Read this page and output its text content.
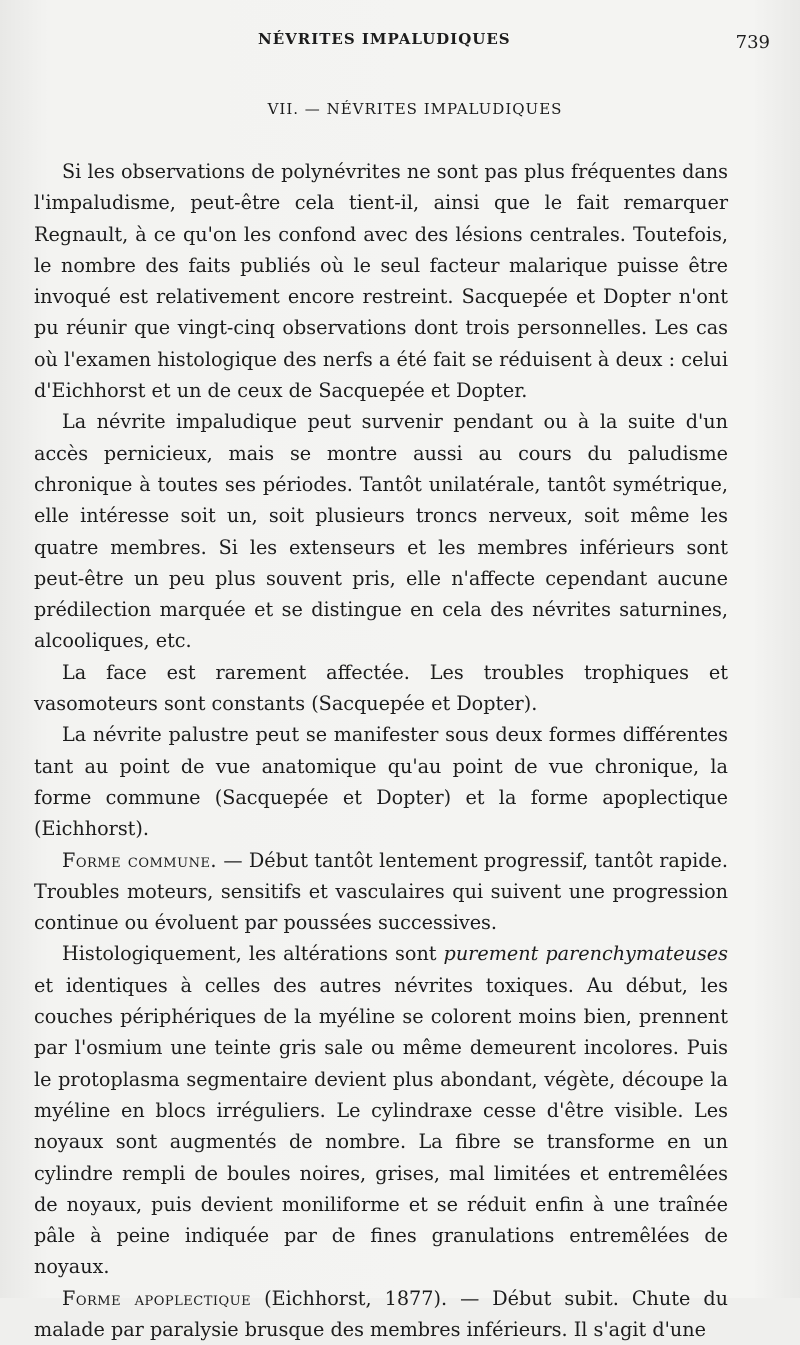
NÉVRITES IMPALUDIQUES	739
VII. — NÉVRITES IMPALUDIQUES

Si les observations de polynévrites ne sont pas plus fréquentes dans l'impaludisme, peut-être cela tient-il, ainsi que le fait remarquer Regnault, à ce qu'on les confond avec des lésions centrales. Toutefois, le nombre des faits publiés où le seul facteur malarique puisse être invoqué est relativement encore restreint. Sacquepée et Dopter n'ont pu réunir que vingt-cinq observations dont trois personnelles. Les cas où l'examen histologique des nerfs a été fait se réduisent à deux : celui d'Eichhorst et un de ceux de Sacquepée et Dopter.

La névrite impaludique peut survenir pendant ou à la suite d'un accès pernicieux, mais se montre aussi au cours du paludisme chronique à toutes ses périodes. Tantôt unilatérale, tantôt symétrique, elle intéresse soit un, soit plusieurs troncs nerveux, soit même les quatre membres. Si les extenseurs et les membres inférieurs sont peut-être un peu plus souvent pris, elle n'affecte cependant aucune prédilection marquée et se distingue en cela des névrites saturnines, alcooliques, etc.

La face est rarement affectée. Les troubles trophiques et vasomoteurs sont constants (Sacquepée et Dopter).

La névrite palustre peut se manifester sous deux formes différentes tant au point de vue anatomique qu'au point de vue chronique, la forme commune (Sacquepée et Dopter) et la forme apoplectique (Eichhorst).

Forme commune. — Début tantôt lentement progressif, tantôt rapide. Troubles moteurs, sensitifs et vasculaires qui suivent une progression continue ou évoluent par poussées successives.

Histologiquement, les altérations sont purement parenchymateuses et identiques à celles des autres névrites toxiques. Au début, les couches périphériques de la myéline se colorent moins bien, prennent par l'osmium une teinte gris sale ou même demeurent incolores. Puis le protoplasma segmentaire devient plus abondant, végète, découpe la myéline en blocs irréguliers. Le cylindraxe cesse d'être visible. Les noyaux sont augmentés de nombre. La fibre se transforme en un cylindre rempli de boules noires, grises, mal limitées et entremêlées de noyaux, puis devient moniliforme et se réduit enfin à une traînée pâle à peine indiquée par de fines granulations entremêlées de noyaux.

Forme apoplectique (Eichhorst, 1877). — Début subit. Chute du malade par paralysie brusque des membres inférieurs. Il s'agit d'une
